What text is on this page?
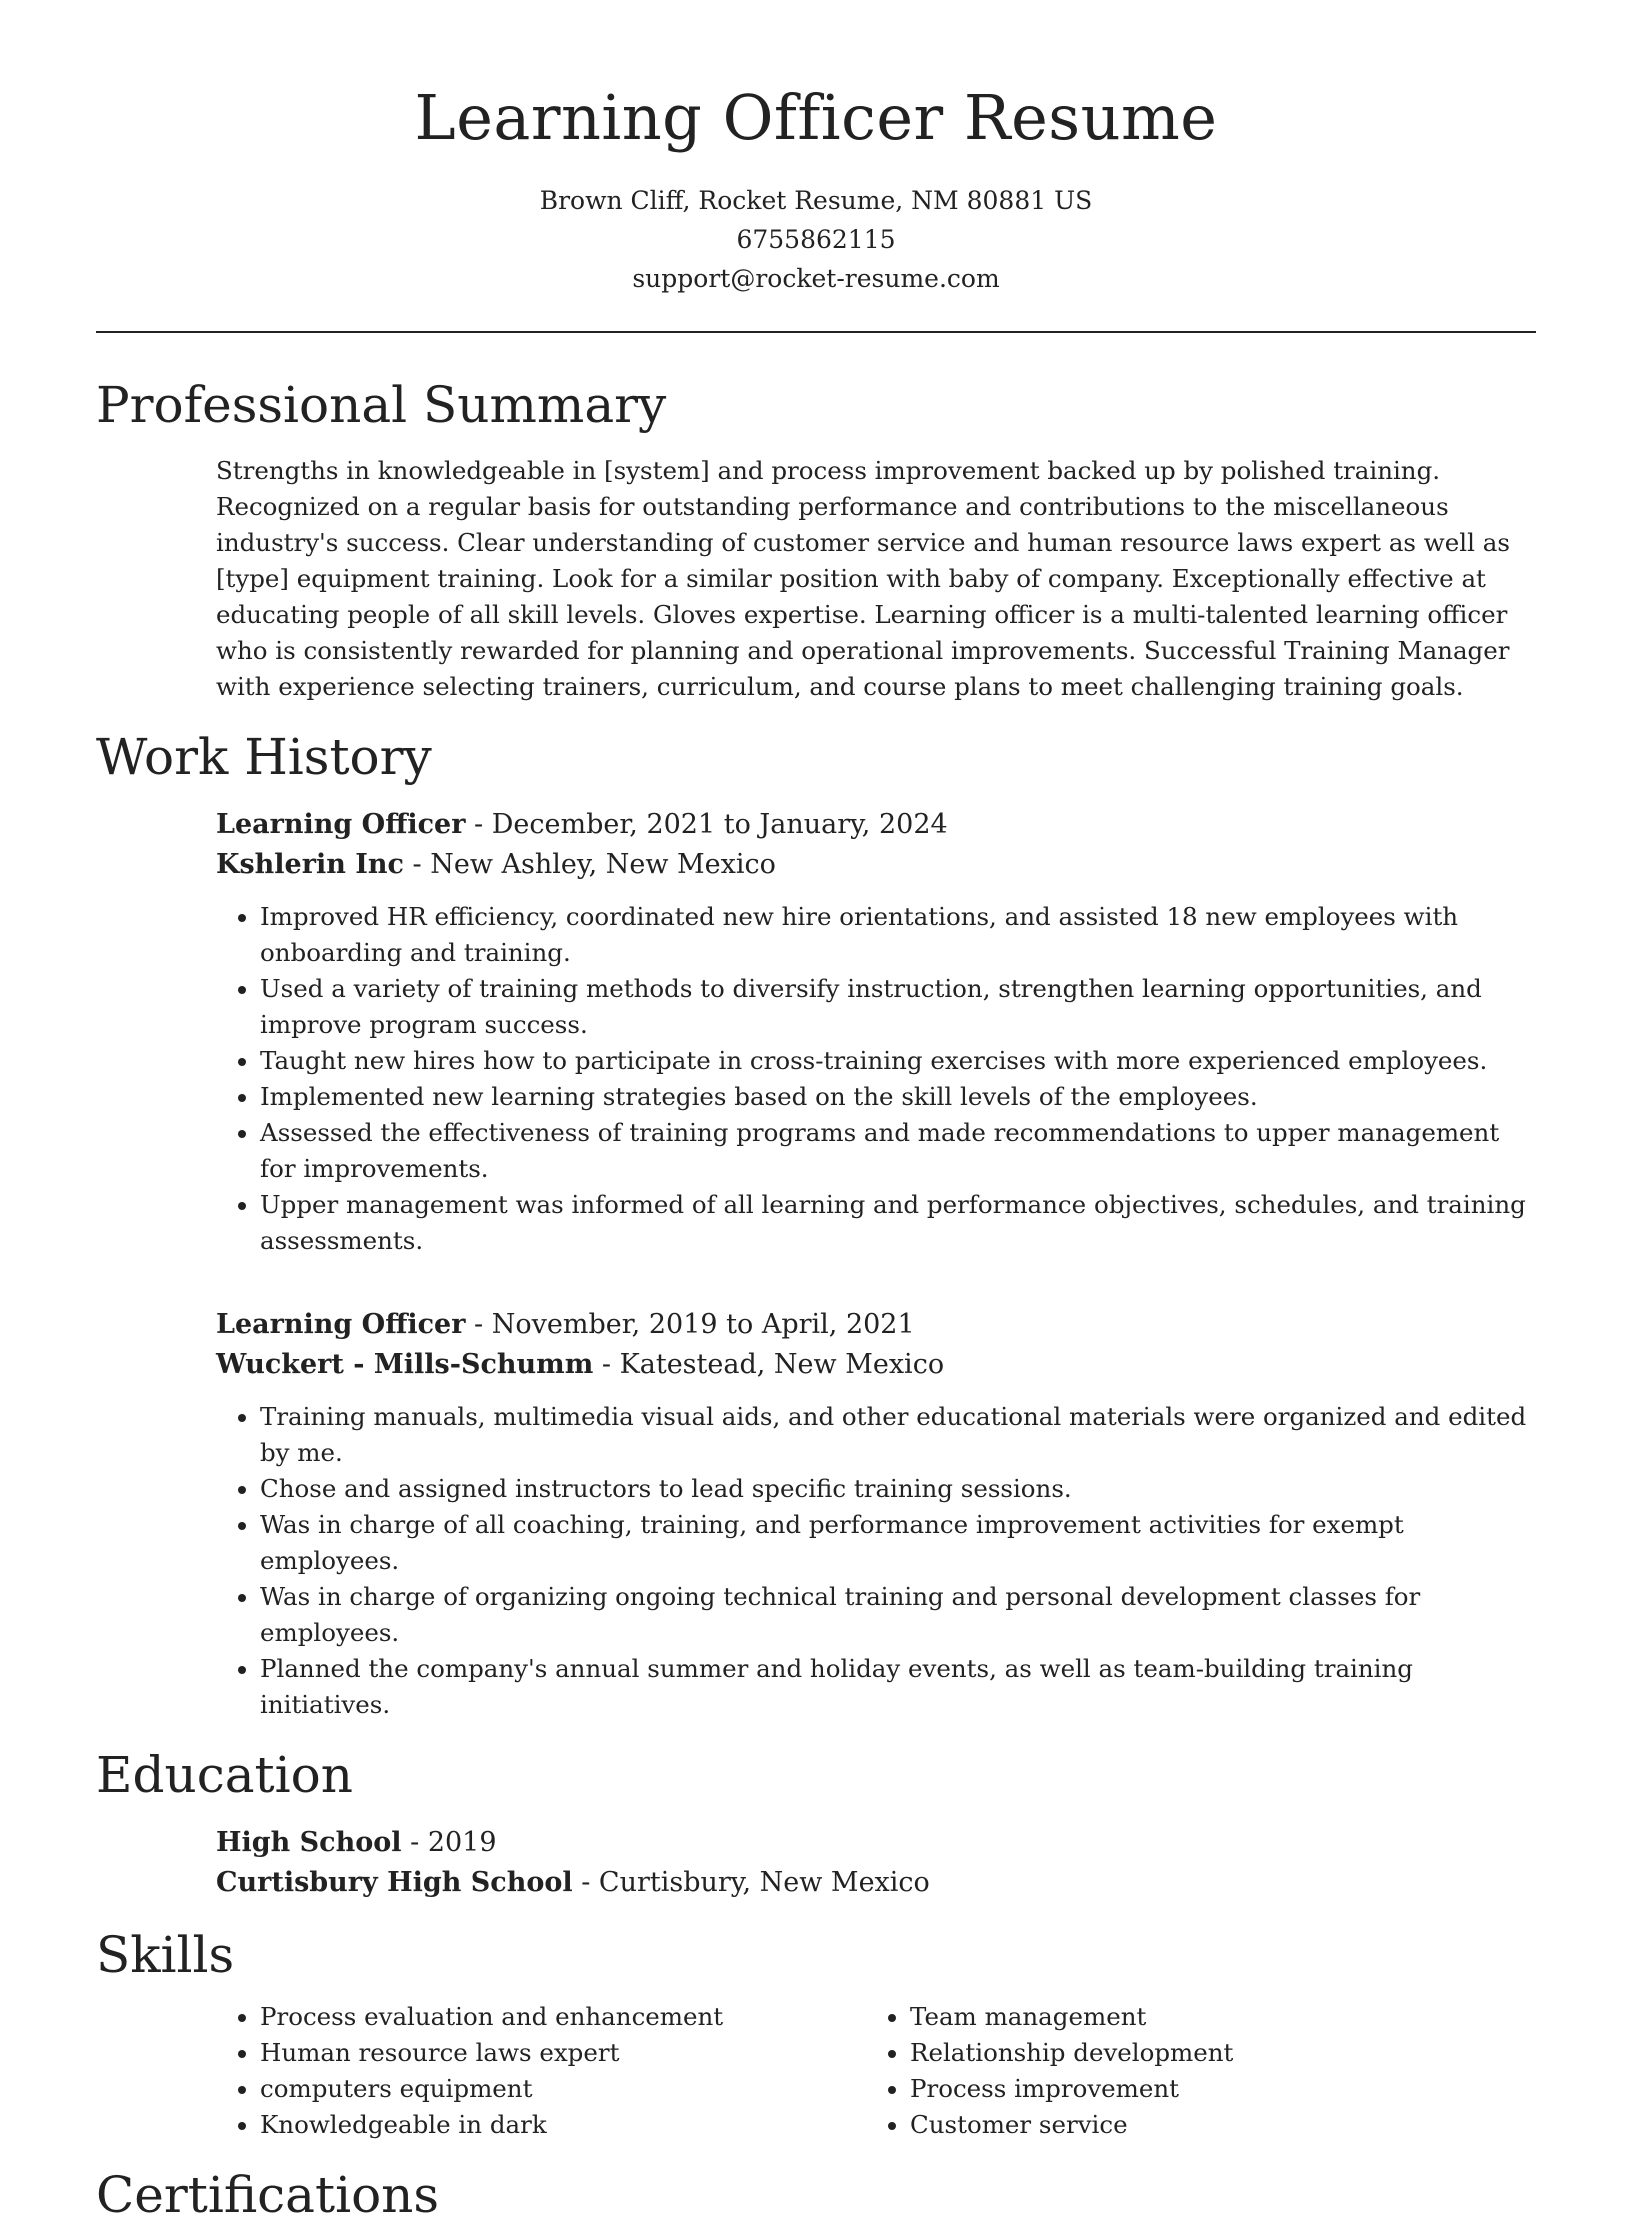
Learning Officer Resume
Brown Cliff, Rocket Resume, NM 80881 US
6755862115
support@rocket-resume.com
Professional Summary

Strengths in knowledgeable in [system] and process improvement backed up by polished training. Recognized on a regular basis for outstanding performance and contributions to the miscellaneous industry's success. Clear understanding of customer service and human resource laws expert as well as [type] equipment training. Look for a similar position with baby of company. Exceptionally effective at educating people of all skill levels. Gloves expertise. Learning officer is a multi-talented learning officer who is consistently rewarded for planning and operational improvements. Successful Training Manager with experience selecting trainers, curriculum, and course plans to meet challenging training goals.

Work History
Learning Officer - December, 2021 to January, 2024
Kshlerin Inc - New Ashley, New Mexico
• Improved HR efficiency, coordinated new hire orientations, and assisted 18 new employees with onboarding and training.
• Used a variety of training methods to diversify instruction, strengthen learning opportunities, and improve program success.
• Taught new hires how to participate in cross-training exercises with more experienced employees.
• Implemented new learning strategies based on the skill levels of the employees.
• Assessed the effectiveness of training programs and made recommendations to upper management for improvements.
• Upper management was informed of all learning and performance objectives, schedules, and training assessments.
Learning Officer - November, 2019 to April, 2021
Wuckert - Mills-Schumm - Katestead, New Mexico
• Training manuals, multimedia visual aids, and other educational materials were organized and edited by me.
• Chose and assigned instructors to lead specific training sessions.
• Was in charge of all coaching, training, and performance improvement activities for exempt employees.
• Was in charge of organizing ongoing technical training and personal development classes for employees.
• Planned the company's annual summer and holiday events, as well as team-building training initiatives.
Education
High School - 2019
Curtisbury High School - Curtisbury, New Mexico
Skills
• Process evaluation and enhancement
• Human resource laws expert
• computers equipment
• Knowledgeable in dark
• Team management
• Relationship development
• Process improvement
• Customer service
Certifications
